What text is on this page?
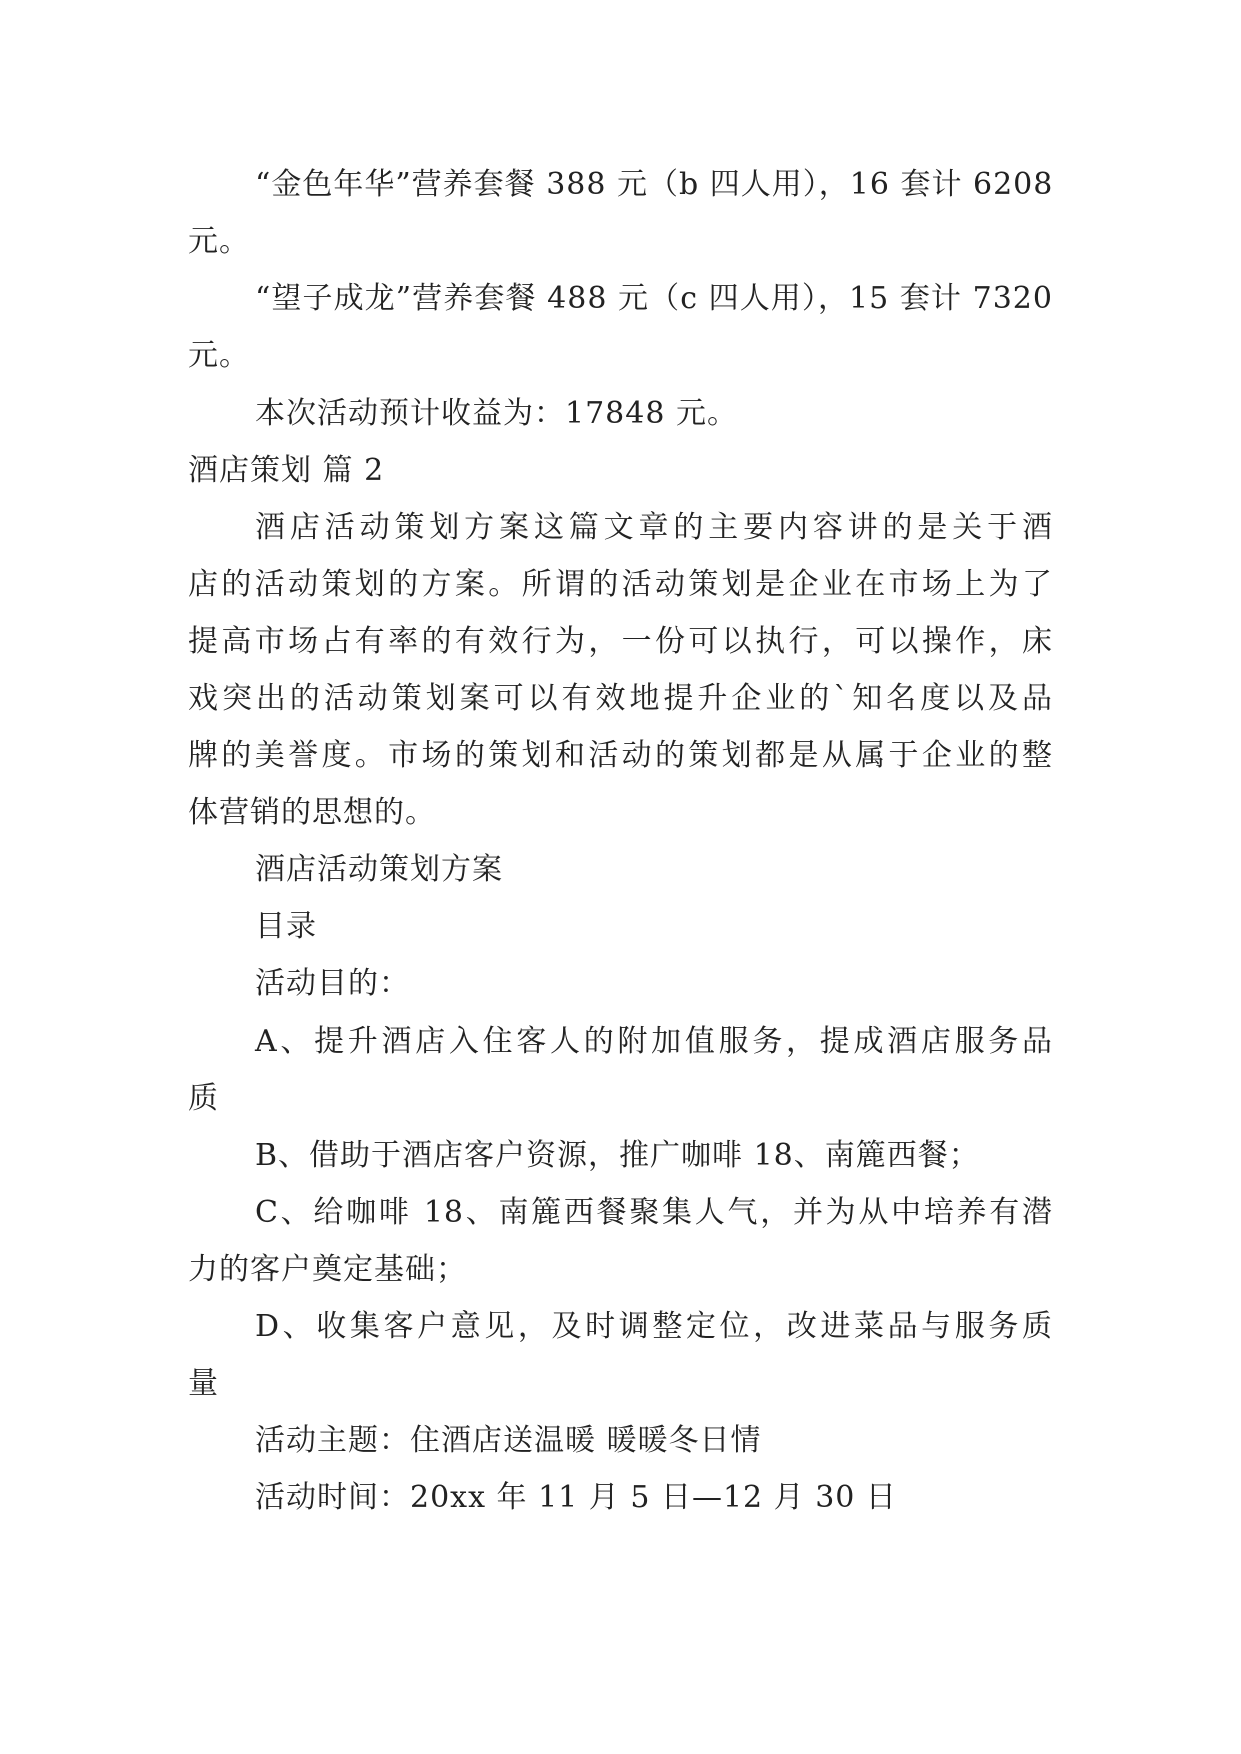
“金色年华”营养套餐 388 元（b 四人用），16 套计 6208
元。
“望子成龙”营养套餐 488 元（c 四人用），15 套计 7320
元。
本次活动预计收益为：17848 元。
酒店策划 篇 2
酒店活动策划方案这篇文章的主要内容讲的是关于酒
店的活动策划的方案。所谓的活动策划是企业在市场上为了
提高市场占有率的有效行为，一份可以执行，可以操作，床
戏突出的活动策划案可以有效地提升企业的`知名度以及品
牌的美誉度。市场的策划和活动的策划都是从属于企业的整
体营销的思想的。
酒店活动策划方案
目录
活动目的：
A、提升酒店入住客人的附加值服务，提成酒店服务品
质
B、借助于酒店客户资源，推广咖啡 18、南簏西餐；
C、给咖啡 18、南簏西餐聚集人气，并为从中培养有潜
力的客户奠定基础；
D、收集客户意见，及时调整定位，改进菜品与服务质
量
活动主题：住酒店送温暖 暖暖冬日情
活动时间：20xx 年 11 月 5 日—12 月 30 日
